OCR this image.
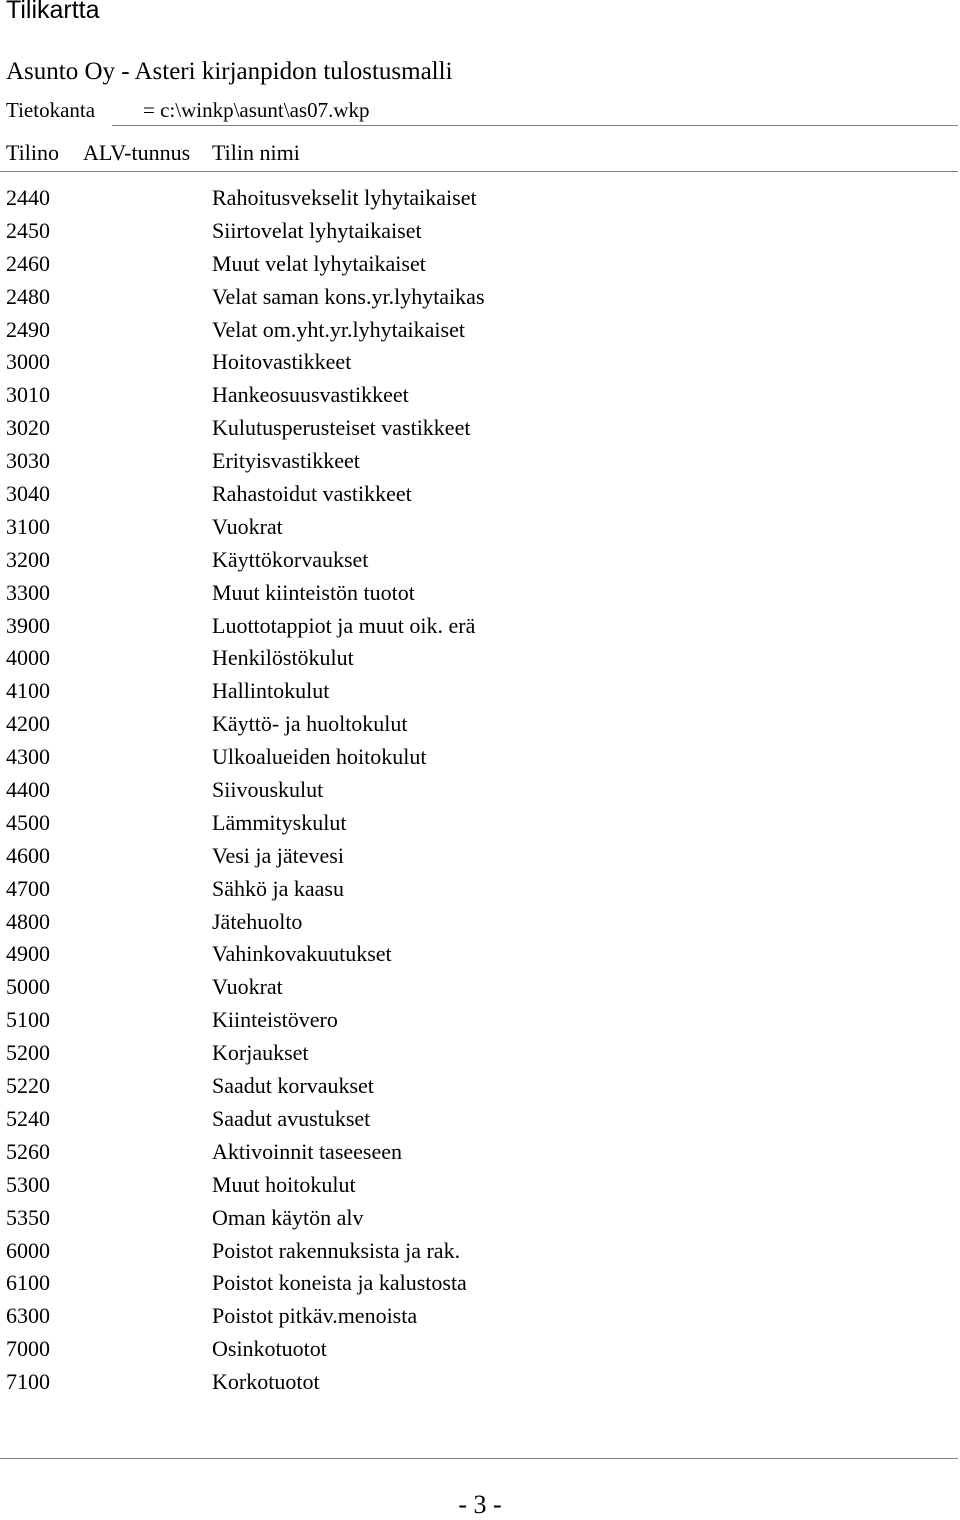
Tilikartta
Asunto Oy - Asteri kirjanpidon tulostusmalli
Tietokanta = c:\winkp\asunt\as07.wkp
Tilino ALV-tunnus Tilin nimi
2440	Rahoitusvekselit lyhytaikaiset
2450	Siirtovelat lyhytaikaiset
2460	Muut velat lyhytaikaiset
2480	Velat saman kons.yr.lyhytaikas
2490	Velat om.yht.yr.lyhytaikaiset
3000	Hoitovastikkeet
3010	Hankeosuusvastikkeet
3020	Kulutusperusteiset vastikkeet
3030	Erityisvastikkeet
3040	Rahastoidut vastikkeet
3100	Vuokrat
3200	Käyttökorvaukset
3300	Muut kiinteistön tuotot
3900	Luottotappiot ja muut oik. erä
4000	Henkilöstökulut
4100	Hallintokulut
4200	Käyttö- ja huoltokulut
4300	Ulkoalueiden hoitokulut
4400	Siivouskulut
4500	Lämmityskulut
4600	Vesi ja jätevesi
4700	Sähkö ja kaasu
4800	Jätehuolto
4900	Vahinkovakuutukset
5000	Vuokrat
5100	Kiinteistövero
5200	Korjaukset
5220	Saadut korvaukset
5240	Saadut avustukset
5260	Aktivoinnit taseeseen
5300	Muut hoitokulut
5350	Oman käytön alv
6000	Poistot rakennuksista ja rak.
6100	Poistot koneista ja kalustosta
6300	Poistot pitkäv.menoista
7000	Osinkotuotot
7100	Korkotuotot
- 3 -
